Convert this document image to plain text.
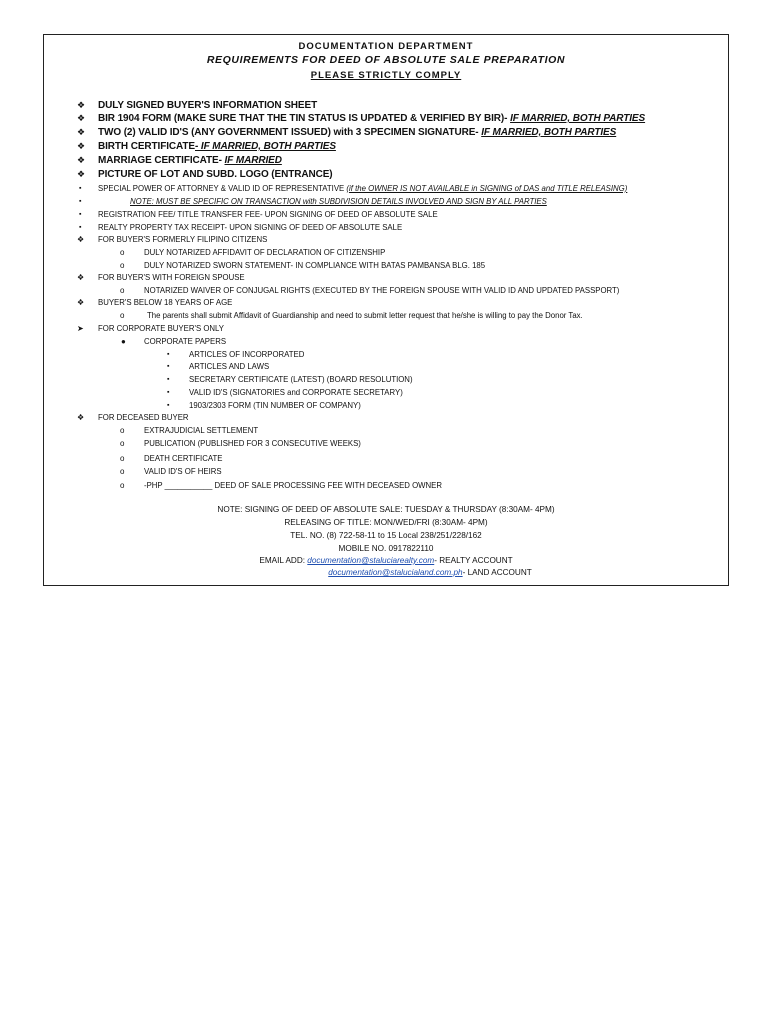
DOCUMENTATION DEPARTMENT
REQUIREMENTS FOR DEED OF ABSOLUTE SALE PREPARATION
PLEASE STRICTLY COMPLY
❖ DULY SIGNED BUYER'S INFORMATION SHEET
❖ BIR 1904 FORM (MAKE SURE THAT THE TIN STATUS IS UPDATED & VERIFIED BY BIR)- IF MARRIED, BOTH PARTIES
❖ TWO (2) VALID ID'S (ANY GOVERNMENT ISSUED) with 3 SPECIMEN SIGNATURE- IF MARRIED, BOTH PARTIES
❖ BIRTH CERTIFICATE- IF MARRIED, BOTH PARTIES
❖ MARRIAGE CERTIFICATE- IF MARRIED
❖ PICTURE OF LOT AND SUBD. LOGO (ENTRANCE)
▪ SPECIAL POWER OF ATTORNEY & VALID ID OF REPRESENTATIVE (if the OWNER IS NOT AVAILABLE in SIGNING of DAS and TITLE RELEASING)
▪	NOTE: MUST BE SPECIFIC ON TRANSACTION with SUBDIVISION DETAILS INVOLVED AND SIGN BY ALL PARTIES
▪ REGISTRATION FEE/ TITLE TRANSFER FEE- UPON SIGNING OF DEED OF ABSOLUTE SALE
▪ REALTY PROPERTY TAX RECEIPT- UPON SIGNING OF DEED OF ABSOLUTE SALE
❖ FOR BUYER'S FORMERLY FILIPINO CITIZENS
o	DULY NOTARIZED AFFIDAVIT OF DECLARATION OF CITIZENSHIP
o	DULY NOTARIZED SWORN STATEMENT- IN COMPLIANCE WITH BATAS PAMBANSA BLG. 185
❖ FOR BUYER'S WITH FOREIGN SPOUSE
o	NOTARIZED WAIVER OF CONJUGAL RIGHTS (EXECUTED BY THE FOREIGN SPOUSE WITH VALID ID AND UPDATED PASSPORT)
❖ BUYER'S BELOW 18 YEARS OF AGE
o	The parents shall submit Affidavit of Guardianship and need to submit letter request that he/she is willing to pay the Donor Tax.
➤ FOR CORPORATE BUYER'S ONLY
● CORPORATE PAPERS
▪	ARTICLES OF INCORPORATED
▪	ARTICLES AND LAWS
▪	SECRETARY CERTIFICATE (LATEST) (BOARD RESOLUTION)
▪	VALID ID'S (SIGNATORIES and CORPORATE SECRETARY)
▪	1903/2303 FORM (TIN NUMBER OF COMPANY)
❖ FOR DECEASED BUYER
o	EXTRAJUDICIAL SETTLEMENT
o	PUBLICATION (PUBLISHED FOR 3 CONSECUTIVE WEEKS)
o	DEATH CERTIFICATE
o	VALID ID'S OF HEIRS
o	-PHP ___________ DEED OF SALE PROCESSING FEE WITH DECEASED OWNER
NOTE: SIGNING OF DEED OF ABSOLUTE SALE: TUESDAY & THURSDAY (8:30AM- 4PM)
RELEASING OF TITLE: MON/WED/FRI (8:30AM- 4PM)
TEL. NO. (8) 722-58-11 to 15 Local 238/251/228/162
MOBILE NO. 0917822110
EMAIL ADD: documentation@staluciarealty.com- REALTY ACCOUNT
documentation@stalucialand.com.ph- LAND ACCOUNT
